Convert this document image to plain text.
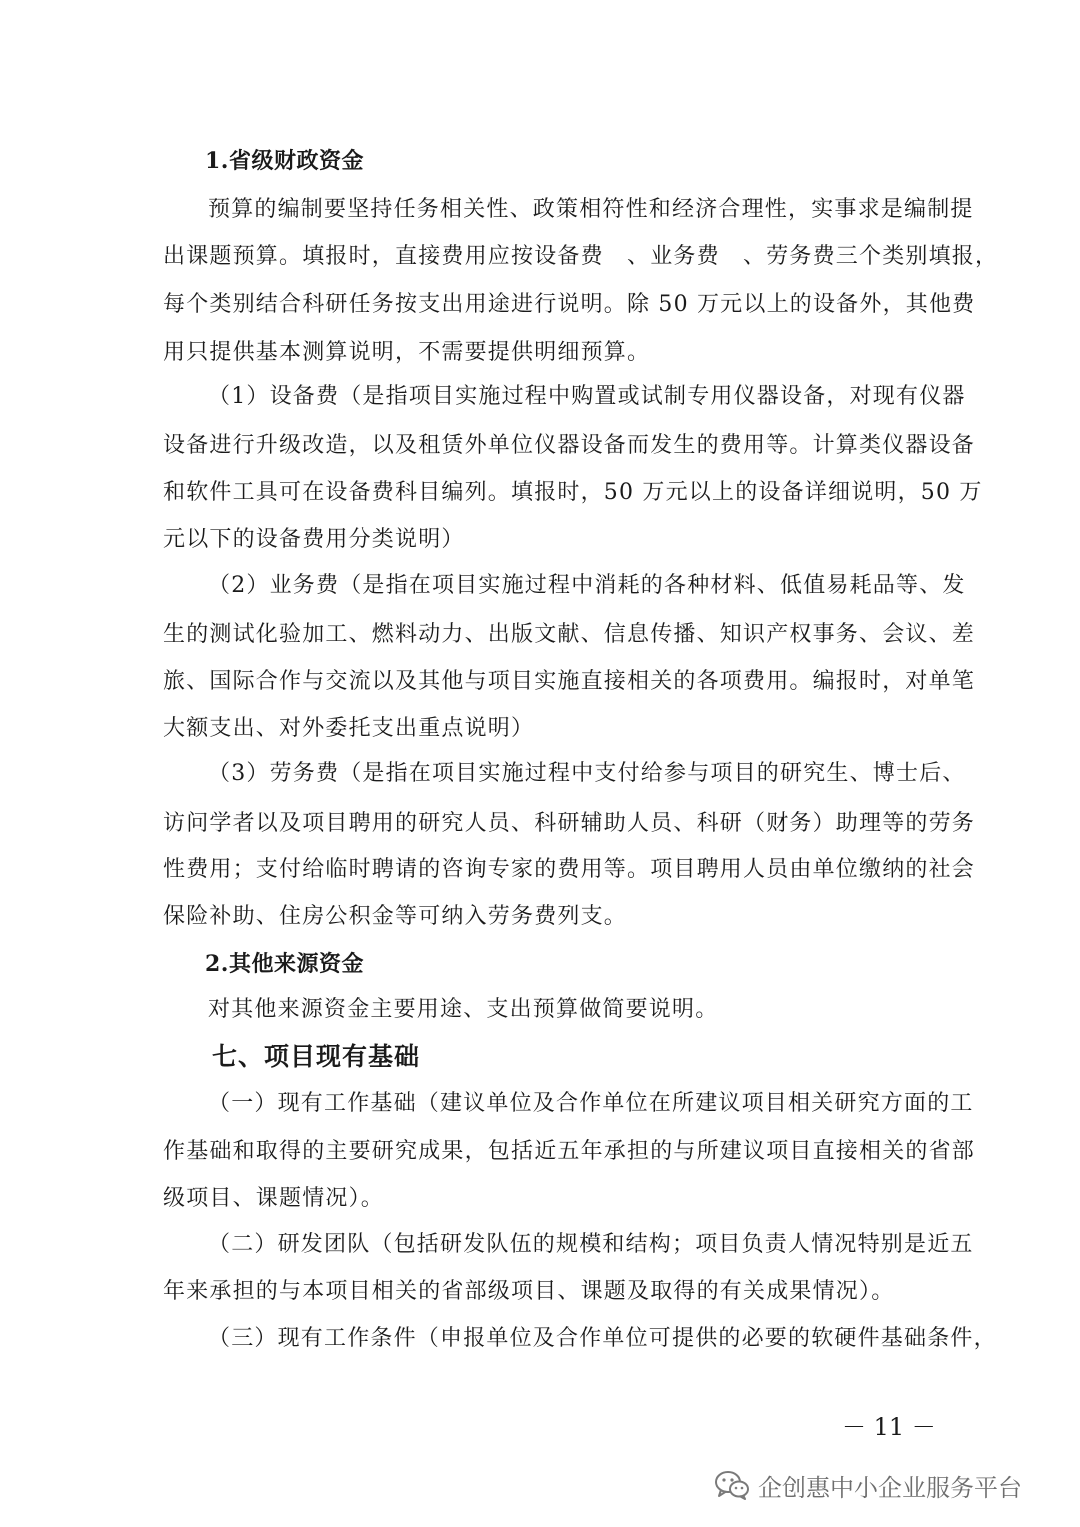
1.省级财政资金
预算的编制要坚持任务相关性、政策相符性和经济合理性，实事求是编制提
出课题预算。填报时，直接费用应按设备费　、业务费　、劳务费三个类别填报，
每个类别结合科研任务按支出用途进行说明。除 50 万元以上的设备外，其他费
用只提供基本测算说明，不需要提供明细预算。
（1）设备费（是指项目实施过程中购置或试制专用仪器设备，对现有仪器
设备进行升级改造，以及租赁外单位仪器设备而发生的费用等。计算类仪器设备
和软件工具可在设备费科目编列。填报时，50 万元以上的设备详细说明，50 万
元以下的设备费用分类说明）
（2）业务费（是指在项目实施过程中消耗的各种材料、低值易耗品等、发
生的测试化验加工、燃料动力、出版文献、信息传播、知识产权事务、会议、差
旅、国际合作与交流以及其他与项目实施直接相关的各项费用。编报时，对单笔
大额支出、对外委托支出重点说明）
（3）劳务费（是指在项目实施过程中支付给参与项目的研究生、博士后、
访问学者以及项目聘用的研究人员、科研辅助人员、科研（财务）助理等的劳务
性费用；支付给临时聘请的咨询专家的费用等。项目聘用人员由单位缴纳的社会
保险补助、住房公积金等可纳入劳务费列支。
2.其他来源资金
对其他来源资金主要用途、支出预算做简要说明。
七、项目现有基础
（一）现有工作基础（建议单位及合作单位在所建议项目相关研究方面的工
作基础和取得的主要研究成果，包括近五年承担的与所建议项目直接相关的省部
级项目、课题情况）。
（二）研发团队（包括研发队伍的规模和结构；项目负责人情况特别是近五
年来承担的与本项目相关的省部级项目、课题及取得的有关成果情况）。
（三）现有工作条件（申报单位及合作单位可提供的必要的软硬件基础条件，
－ 11 －
企创惠中小企业服务平台
